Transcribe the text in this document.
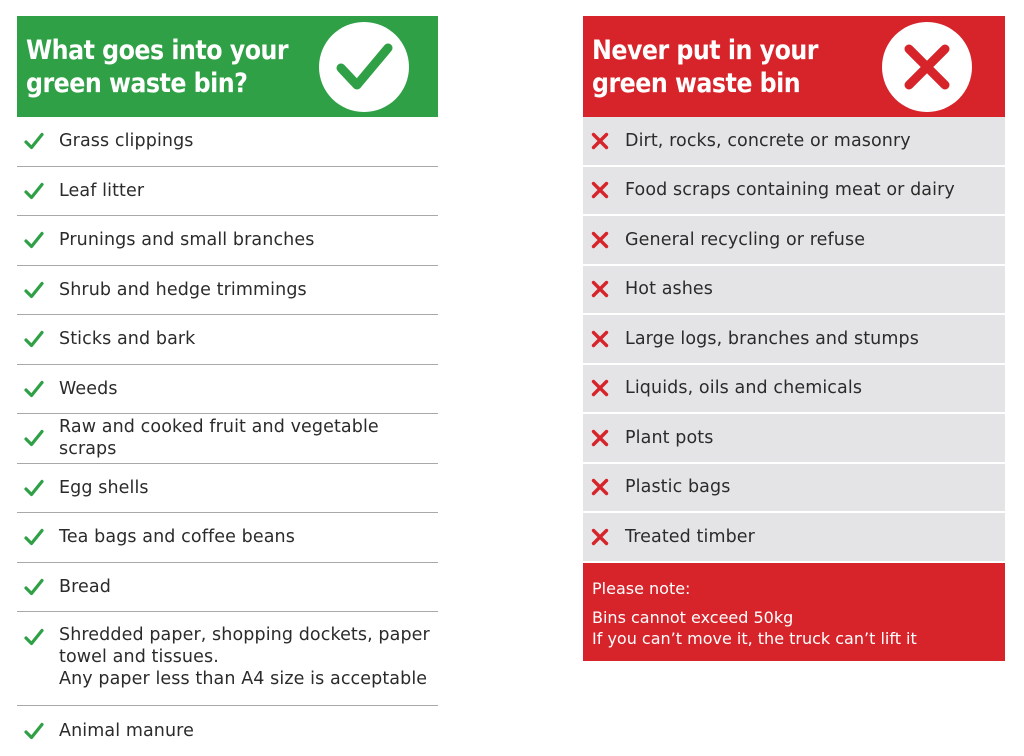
What goes into your
green waste bin?
Grass clippings
Leaf litter
Prunings and small branches
Shrub and hedge trimmings
Sticks and bark
Weeds
Raw and cooked fruit and vegetable scraps
Egg shells
Tea bags and coffee beans
Bread
Shredded paper, shopping dockets, paper
towel and tissues.
Any paper less than A4 size is acceptable
Animal manure
Never put in your
green waste bin
Dirt, rocks, concrete or masonry
Food scraps containing meat or dairy
General recycling or refuse
Hot ashes
Large logs, branches and stumps
Liquids, oils and chemicals
Plant pots
Plastic bags
Treated timber
Please note:
Bins cannot exceed 50kg
If you can’t move it, the truck can’t lift it
